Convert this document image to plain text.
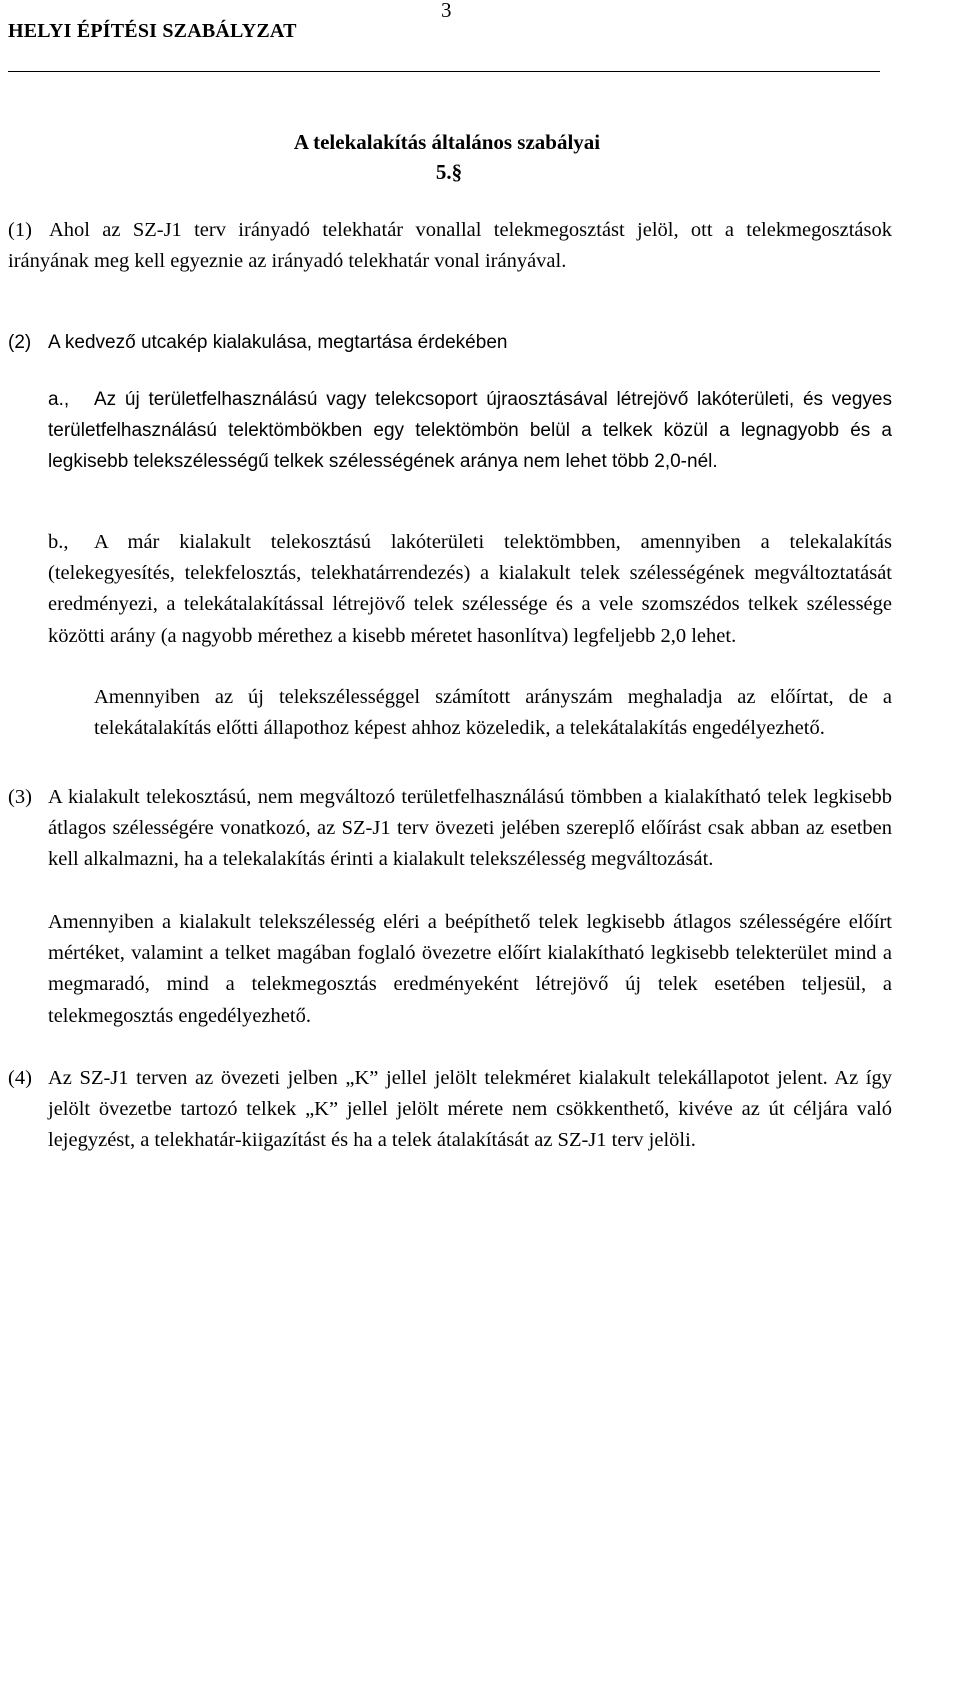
HELYI ÉPÍTÉSI SZABÁLYZAT
3
A telekalakítás általános szabályai
5.§
(1) Ahol az SZ-J1 terv irányadó telekhatár vonallal telekmegosztást jelöl, ott a telekmegosztások irányának meg kell egyeznie az irányadó telekhatár vonal irányával.
(2) A kedvező utcakép kialakulása, megtartása érdekében
a.,	Az új területfelhasználású vagy telekcsoport újraosztásával létrejövő lakóterületi, és vegyes területfelhasználású telektömbökben egy telektömbön belül a telkek közül a legnagyobb és a legkisebb telekszélességű telkek szélességének aránya nem lehet több 2,0-nél.
b.,	A már kialakult telekosztású lakóterületi telektömbben, amennyiben a telekalakítás (telekegyesítés, telekfelosztás, telekhatárrendezés) a kialakult telek szélességének megváltoztatását eredményezi, a telekátalakítással létrejövő telek szélessége és a vele szomszédos telkek szélessége közötti arány (a nagyobb mérethez a kisebb méretet hasonlítva) legfeljebb 2,0 lehet.
Amennyiben az új telekszélességgel számított arányszám meghaladja az előírtat, de a telekátalakítás előtti állapothoz képest ahhoz közeledik, a telekátalakítás engedélyezhető.
(3) A kialakult telekosztású, nem megváltozó területfelhasználású tömbben a kialakítható telek legkisebb átlagos szélességére vonatkozó, az SZ-J1 terv övezeti jelében szereplő előírást csak abban az esetben kell alkalmazni, ha a telekalakítás érinti a kialakult telekszélesség megváltozását.
Amennyiben a kialakult telekszélesség eléri a beépíthető telek legkisebb átlagos szélességére előírt mértéket, valamint a telket magában foglaló övezetre előírt kialakítható legkisebb telekterület mind a megmaradó, mind a telekmegosztás eredményeként létrejövő új telek esetében teljesül, a telekmegosztás engedélyezhető.
(4) Az SZ-J1 terven az övezeti jelben „K” jellel jelölt telekméret kialakult telekállapotot jelent. Az így jelölt övezetbe tartozó telkek „K” jellel jelölt mérete nem csökkenthető, kivéve az út céljára való lejegyzést, a telekhatár-kiigazítást és ha a telek átalakítását az SZ-J1 terv jelöli.
